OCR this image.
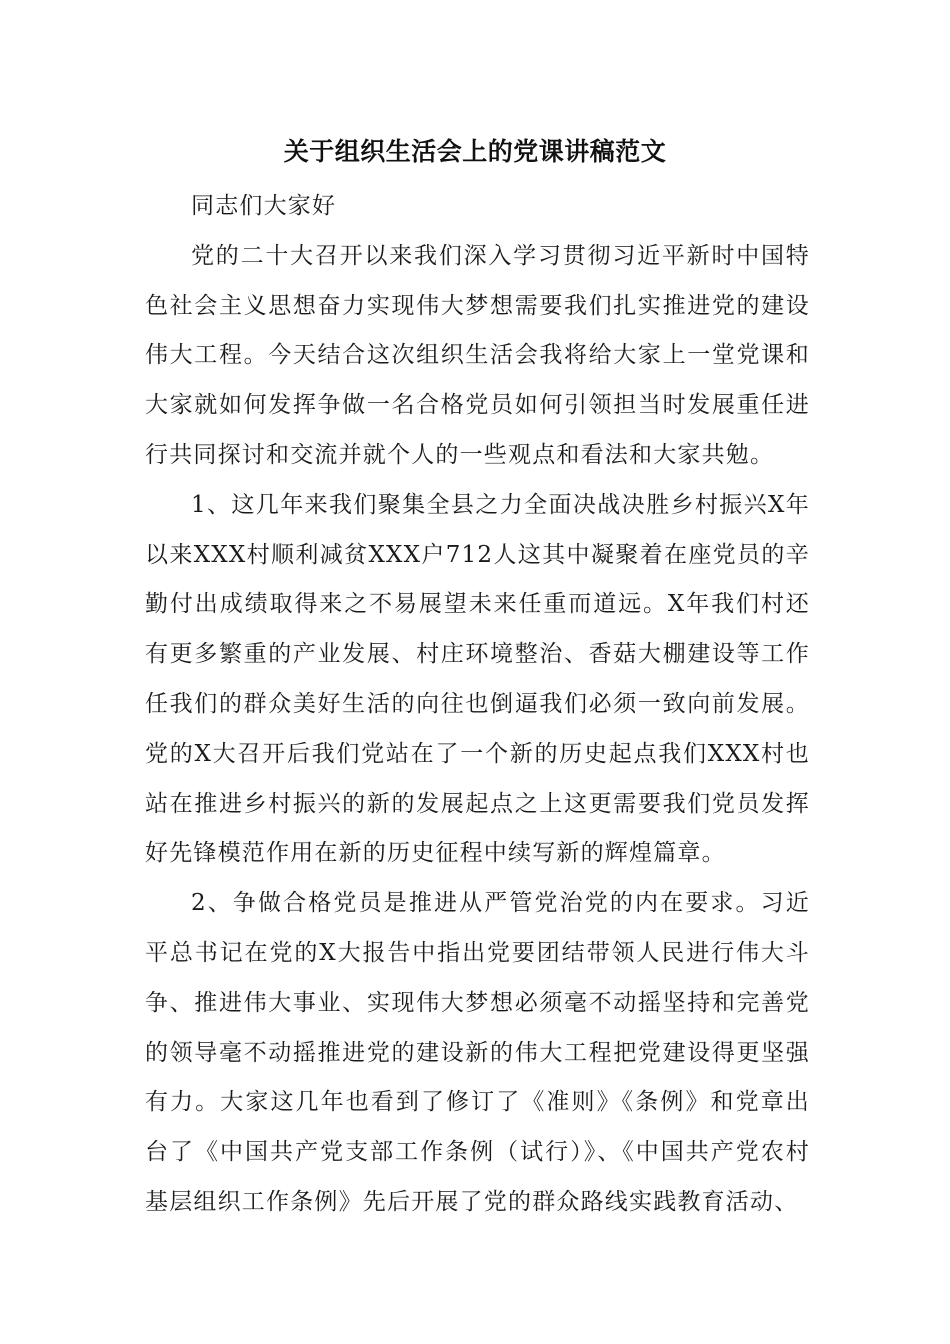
关于组织生活会上的党课讲稿范文

同志们大家好

党的二十大召开以来我们深入学习贯彻习近平新时中国特色社会主义思想奋力实现伟大梦想需要我们扎实推进党的建设伟大工程。今天结合这次组织生活会我将给大家上一堂党课和大家就如何发挥争做一名合格党员如何引领担当时发展重任进行共同探讨和交流并就个人的一些观点和看法和大家共勉。

1、这几年来我们聚集全县之力全面决战决胜乡村振兴X年以来XXX村顺利减贫XXX户712人这其中凝聚着在座党员的辛勤付出成绩取得来之不易展望未来任重而道远。X年我们村还有更多繁重的产业发展、村庄环境整治、香菇大棚建设等工作任我们的群众美好生活的向往也倒逼我们必须一致向前发展。党的X大召开后我们党站在了一个新的历史起点我们XXX村也站在推进乡村振兴的新的发展起点之上这更需要我们党员发挥好先锋模范作用在新的历史征程中续写新的辉煌篇章。

2、争做合格党员是推进从严管党治党的内在要求。习近平总书记在党的X大报告中指出党要团结带领人民进行伟大斗争、推进伟大事业、实现伟大梦想必须毫不动摇坚持和完善党的领导毫不动摇推进党的建设新的伟大工程把党建设得更坚强有力。大家这几年也看到了修订了《准则》《条例》和党章出台了《中国共产党支部工作条例（试行）》、《中国共产党农村基层组织工作条例》先后开展了党的群众路线实践教育活动、
